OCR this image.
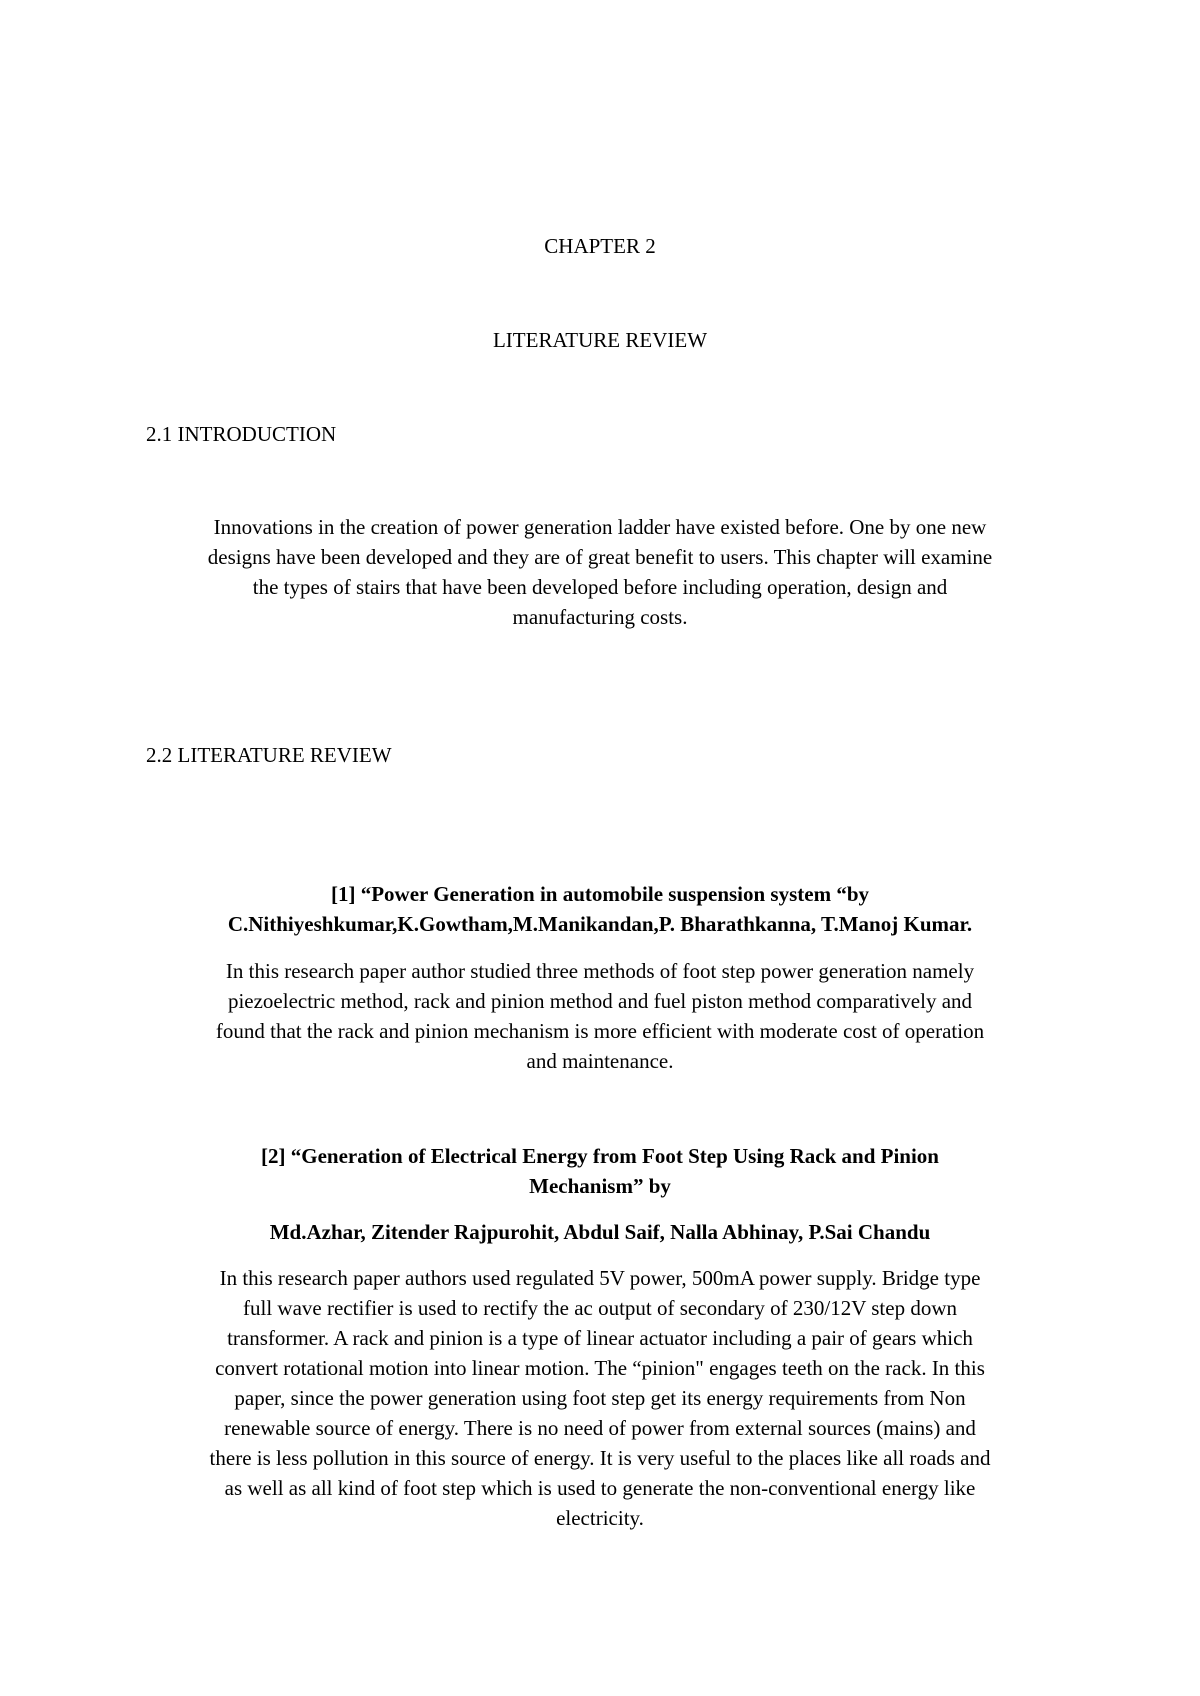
CHAPTER 2
LITERATURE REVIEW
2.1 INTRODUCTION
Innovations in the creation of power generation ladder have existed before. One by one new
designs have been developed and they are of great benefit to users. This chapter will examine
the types of stairs that have been developed before including operation, design and
manufacturing costs.
2.2 LITERATURE REVIEW
[1] “Power Generation in automobile suspension system “by
C.Nithiyeshkumar,K.Gowtham,M.Manikandan,P. Bharathkanna, T.Manoj Kumar.
In this research paper author studied three methods of foot step power generation namely
piezoelectric method, rack and pinion method and fuel piston method comparatively and
found that the rack and pinion mechanism is more efficient with moderate cost of operation
and maintenance.
[2] “Generation of Electrical Energy from Foot Step Using Rack and Pinion
Mechanism” by
Md.Azhar, Zitender Rajpurohit, Abdul Saif, Nalla Abhinay, P.Sai Chandu
In this research paper authors used regulated 5V power, 500mA power supply. Bridge type
full wave rectifier is used to rectify the ac output of secondary of 230/12V step down
transformer. A rack and pinion is a type of linear actuator including a pair of gears which
convert rotational motion into linear motion. The “pinion" engages teeth on the rack. In this
paper, since the power generation using foot step get its energy requirements from Non
renewable source of energy. There is no need of power from external sources (mains) and
there is less pollution in this source of energy. It is very useful to the places like all roads and
as well as all kind of foot step which is used to generate the non-conventional energy like
electricity.
